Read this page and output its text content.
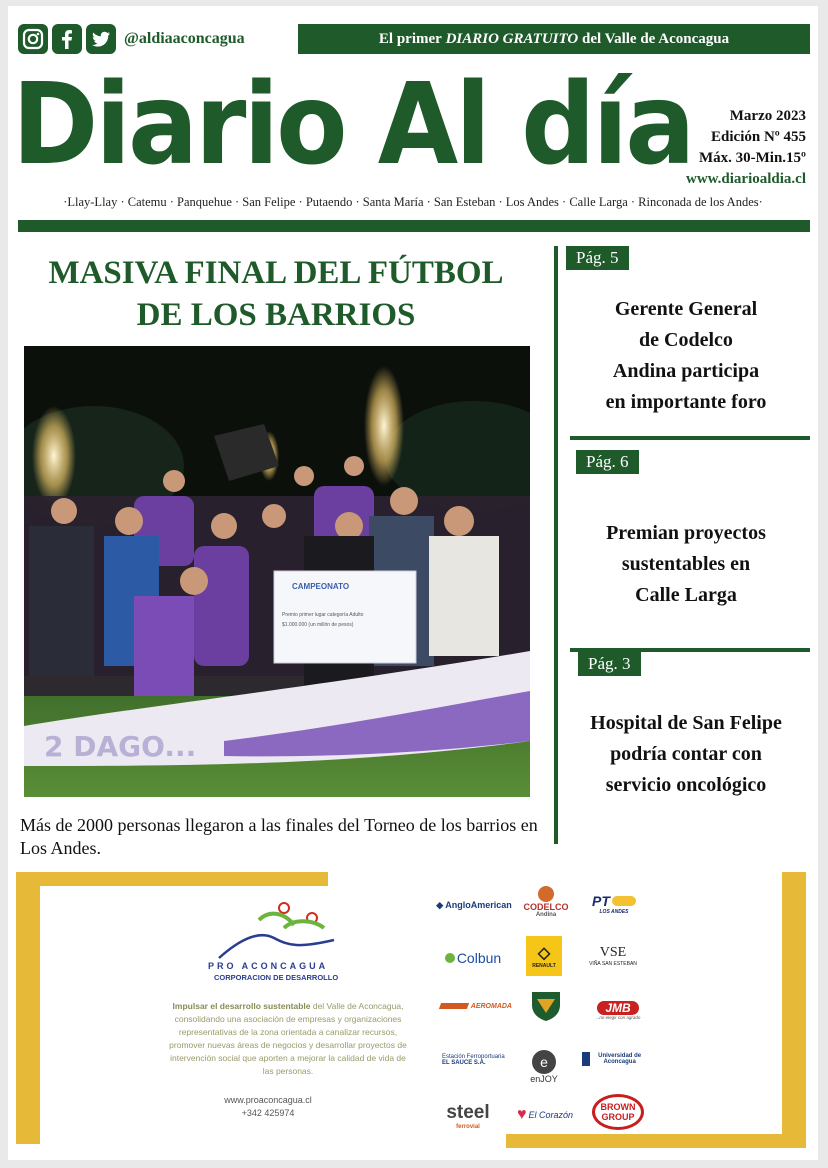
@aldiaaconcagua	El primer
DIARIO GRATUITO
del Valle de Aconcagua
Diario Al día	Marzo 2023
Edición Nº 455
Máx. 30-Min.15º
www.diarioaldia.cl
·Llay-Llay · Catemu · Panquehue · San Felipe · Putaendo · Santa María · San Esteban · Los Andes · Calle Larga · Rinconada de los Andes·
MASIVA FINAL DEL FÚTBOL
DE LOS BARRIOS
CAMPEONATO
Premio primer lugar categoría Adulto
$1.000.000 (un millón de pesos)
2 DAGO...
Más de 2000 personas llegaron a las finales del Torneo de los barrios en Los Andes.
Pág. 5
Gerente General
de Codelco
Andina participa
en importante foro
Pág. 6
Premian proyectos
sustentables en
Calle Larga
Pág. 3
Hospital de San Felipe
podría contar con
servicio oncológico
PRO ACONCAGUA
CORPORACION DE DESARROLLO
Impulsar el desarrollo sustentable del Valle de Aconcagua, consolidando una asociación de empresas y organizaciones representativas de la zona orientada a canalizar recursos, promover nuevas áreas de negocios y desarrollar proyectos de intervención social que aporten a mejorar la calidad de vida de las personas.
www.proaconcagua.cl
+342 425974
◆ AngloAmerican CODELCO
Andina
PT
LOS ANDES
Colbun ◇
RENAULT
VSE
VIÑA SAN ESTEBAN
AEROMADA	JMB
...no elegir con agrado
Estación Ferroportuaria
EL SAUCE S.A.	e
enJOY
Universidad de Aconcagua
steel
ferrovial
♥ El Corazón
BROWN GROUP
